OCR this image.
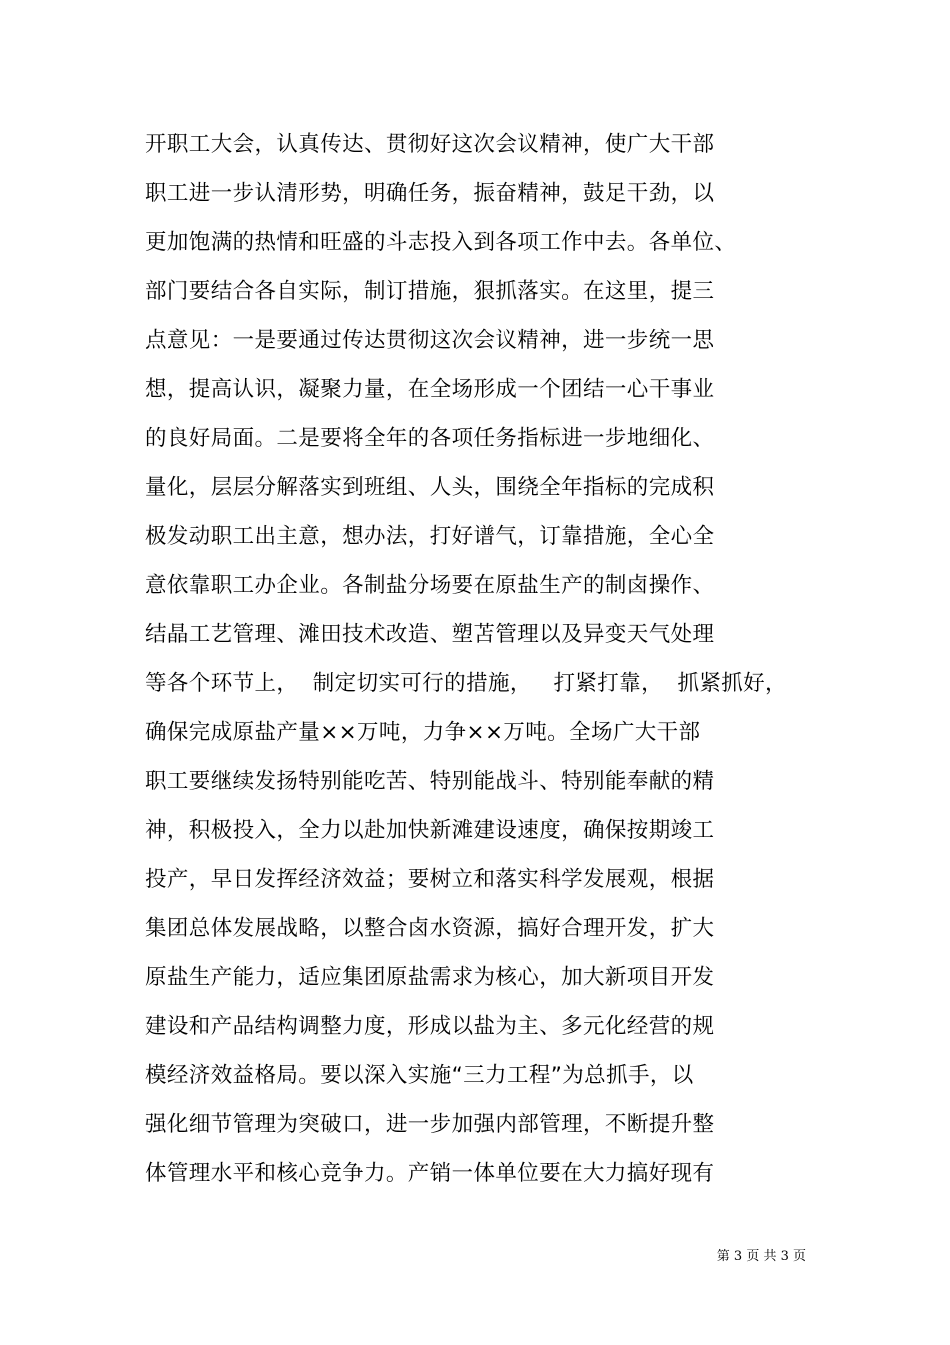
开职工大会，认真传达、贯彻好这次会议精神，使广大干部
职工进一步认清形势，明确任务，振奋精神，鼓足干劲，以
更加饱满的热情和旺盛的斗志投入到各项工作中去。各单位、
部门要结合各自实际，制订措施，狠抓落实。在这里，提三
点意见：一是要通过传达贯彻这次会议精神，进一步统一思
想，提高认识，凝聚力量，在全场形成一个团结一心干事业
的良好局面。二是要将全年的各项任务指标进一步地细化、
量化，层层分解落实到班组、人头，围绕全年指标的完成积
极发动职工出主意，想办法，打好谱气，订靠措施，全心全
意依靠职工办企业。各制盐分场要在原盐生产的制卤操作、
结晶工艺管理、滩田技术改造、塑苫管理以及异变天气处理
等各个环节上，  制定切实可行的措施，   打紧打靠，  抓紧抓好，
确保完成原盐产量××万吨，力争××万吨。全场广大干部
职工要继续发扬特别能吃苦、特别能战斗、特别能奉献的精
神，积极投入，全力以赴加快新滩建设速度，确保按期竣工
投产，早日发挥经济效益；要树立和落实科学发展观，根据
集团总体发展战略，以整合卤水资源，搞好合理开发，扩大
原盐生产能力，适应集团原盐需求为核心，加大新项目开发
建设和产品结构调整力度，形成以盐为主、多元化经营的规
模经济效益格局。要以深入实施“三力工程”为总抓手，以
强化细节管理为突破口，进一步加强内部管理，不断提升整
体管理水平和核心竞争力。产销一体单位要在大力搞好现有
第 3 页 共 3 页
